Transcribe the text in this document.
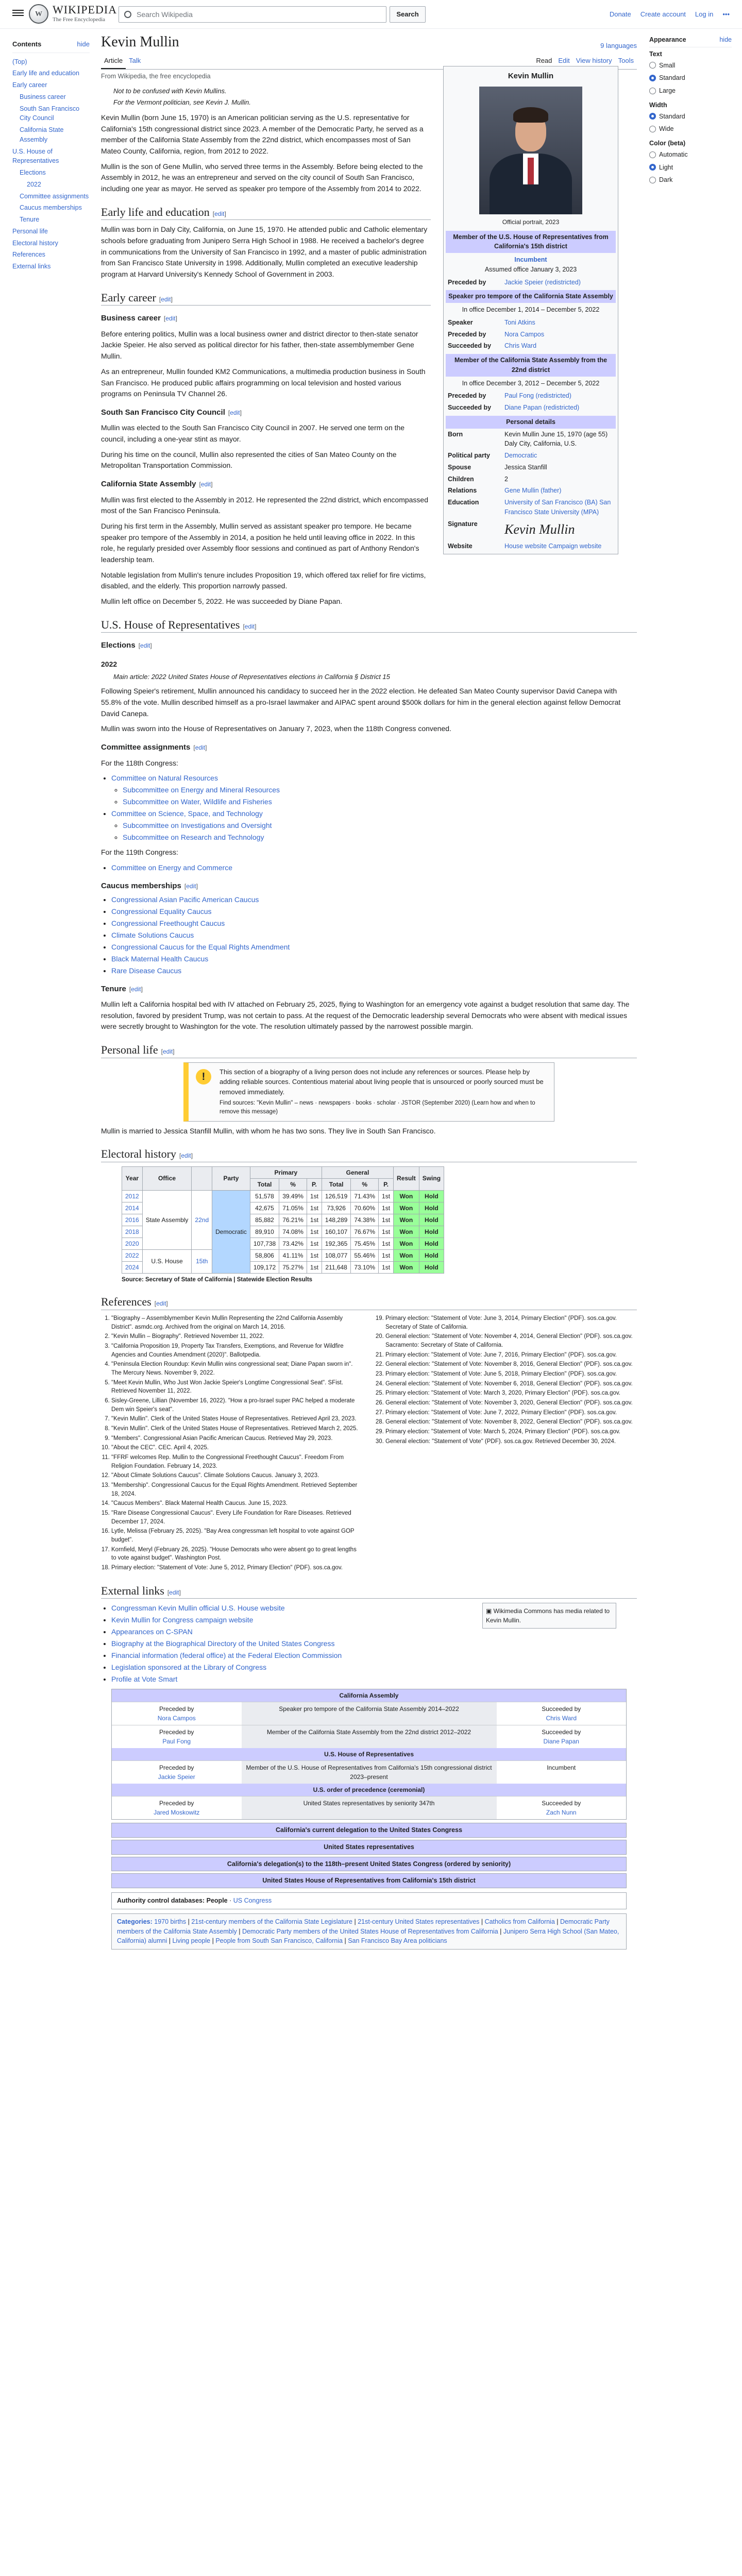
W WIKIPEDIA
The Free Encyclopedia
Search Wikipedia	Search	Donate Create account Log in •••
Contents	hide
(Top)
Early life and education
Early career
Business career
South San Francisco City Council
California State Assembly
U.S. House of Representatives
Elections
2022
Committee assignments
Caucus memberships
Tenure
Personal life
Electoral history
References
External links
Appearance	hide
Text
Small
Standard
Large
Width
Standard
Wide
Color (beta)
Automatic
Light
Dark
Kevin Mullin	9 languages
Article Talk	Read Edit View history Tools
From Wikipedia, the free encyclopedia
Not to be confused with Kevin Mullins.
For the Vermont politician, see Kevin J. Mullin.

Kevin Mullin (born June 15, 1970) is an American politician serving as the U.S. representative for California's 15th congressional district since 2023. A member of the Democratic Party, he served as a member of the California State Assembly from the 22nd district, which encompasses most of San Mateo County, California, region, from 2012 to 2022.

Mullin is the son of Gene Mullin, who served three terms in the Assembly. Before being elected to the Assembly in 2012, he was an entrepreneur and served on the city council of South San Francisco, including one year as mayor. He served as speaker pro tempore of the Assembly from 2014 to 2022.

Early life and education [edit]

Mullin was born in Daly City, California, on June 15, 1970. He attended public and Catholic elementary schools before graduating from Junipero Serra High School in 1988. He received a bachelor's degree in communications from the University of San Francisco in 1992, and a master of public administration from San Francisco State University in 1998. Additionally, Mullin completed an executive leadership program at Harvard University's Kennedy School of Government in 2003.

Early career [edit]
Business career [edit]

Before entering politics, Mullin was a local business owner and district director to then-state senator Jackie Speier. He also served as political director for his father, then-state assemblymember Gene Mullin.

As an entrepreneur, Mullin founded KM2 Communications, a multimedia production business in South San Francisco. He produced public affairs programming on local television and hosted various programs on Peninsula TV Channel 26.

South San Francisco City Council [edit]

Mullin was elected to the South San Francisco City Council in 2007. He served one term on the council, including a one-year stint as mayor.

During his time on the council, Mullin also represented the cities of San Mateo County on the Metropolitan Transportation Commission.

California State Assembly [edit]

Mullin was first elected to the Assembly in 2012. He represented the 22nd district, which encompassed most of the San Francisco Peninsula.

During his first term in the Assembly, Mullin served as assistant speaker pro tempore. He became speaker pro tempore of the Assembly in 2014, a position he held until leaving office in 2022. In this role, he regularly presided over Assembly floor sessions and continued as part of Anthony Rendon's leadership team.

Notable legislation from Mullin's tenure includes Proposition 19, which offered tax relief for fire victims, disabled, and the elderly. This proportion narrowly passed.

Mullin left office on December 5, 2022. He was succeeded by Diane Papan.

U.S. House of Representatives [edit]
Elections [edit]
2022
Main article: 2022 United States House of Representatives elections in California § District 15

Following Speier's retirement, Mullin announced his candidacy to succeed her in the 2022 election. He defeated San Mateo County supervisor David Canepa with 55.8% of the vote. Mullin described himself as a pro-Israel lawmaker and AIPAC spent around $500k dollars for him in the general election against fellow Democrat David Canepa.

Mullin was sworn into the House of Representatives on January 7, 2023, when the 118th Congress convened.

Committee assignments [edit]

For the 118th Congress:

• Committee on Natural Resources
◦ Subcommittee on Energy and Mineral Resources
◦ Subcommittee on Water, Wildlife and Fisheries
• Committee on Science, Space, and Technology
◦ Subcommittee on Investigations and Oversight
◦ Subcommittee on Research and Technology

For the 119th Congress:

• Committee on Energy and Commerce
Caucus memberships [edit]
• Congressional Asian Pacific American Caucus
• Congressional Equality Caucus
• Congressional Freethought Caucus
• Climate Solutions Caucus
• Congressional Caucus for the Equal Rights Amendment
• Black Maternal Health Caucus
• Rare Disease Caucus
Tenure [edit]

Mullin left a California hospital bed with IV attached on February 25, 2025, flying to Washington for an emergency vote against a budget resolution that same day. The resolution, favored by president Trump, was not certain to pass. At the request of the Democratic leadership several Democrats who were absent with medical issues were secretly brought to Washington for the vote. The resolution ultimately passed by the narrowest possible margin.

Personal life [edit]
!	This section of a biography of a living person does not include any references or sources. Please help by adding reliable sources. Contentious material about living people that is unsourced or poorly sourced must be removed immediately.
Find sources: "Kevin Mullin" – news · newspapers · books · scholar · JSTOR (September 2020) (Learn how and when to remove this message)

Mullin is married to Jessica Stanfill Mullin, with whom he has two sons. They live in South San Francisco.

Electoral history [edit]
Year	Office		Party	Primary			General			Result	Swing
				Total	%	P.	Total	%	P.		
2012	State Assembly	22nd	Democratic	51,578	39.49%	1st	126,519	71.43%	1st	Won	Hold
2014				42,675	71.05%	1st	73,926	70.60%	1st	Won	Hold
2016				85,882	76.21%	1st	148,289	74.38%	1st	Won	Hold
2018				89,910	74.08%	1st	160,107	76.67%	1st	Won	Hold
2020				107,738	73.42%	1st	192,365	75.45%	1st	Won	Hold
2022	U.S. House	15th		58,806	41.11%	1st	108,077	55.46%	1st	Won	Hold
2024				109,172	75.27%	1st	211,648	73.10%	1st	Won	Hold
Source: Secretary of State of California | Statewide Election Results
References [edit]
1. "Biography – Assemblymember Kevin Mullin Representing the 22nd California Assembly District". asmdc.org. Archived from the original on March 14, 2016.
2. "Kevin Mullin – Biography". Retrieved November 11, 2022.
3. "California Proposition 19, Property Tax Transfers, Exemptions, and Revenue for Wildfire Agencies and Counties Amendment (2020)". Ballotpedia.
4. "Peninsula Election Roundup: Kevin Mullin wins congressional seat; Diane Papan sworn in". The Mercury News. November 9, 2022.
5. "Meet Kevin Mullin, Who Just Won Jackie Speier's Longtime Congressional Seat". SFist. Retrieved November 11, 2022.
6. Sisley-Greene, Lillian (November 16, 2022). "How a pro-Israel super PAC helped a moderate Dem win Speier's seat".
7. "Kevin Mullin". Clerk of the United States House of Representatives. Retrieved April 23, 2023.
8. "Kevin Mullin". Clerk of the United States House of Representatives. Retrieved March 2, 2025.
9. "Members". Congressional Asian Pacific American Caucus. Retrieved May 29, 2023.
10. "About the CEC". CEC. April 4, 2025.
11. "FFRF welcomes Rep. Mullin to the Congressional Freethought Caucus". Freedom From Religion Foundation. February 14, 2023.
12. "About Climate Solutions Caucus". Climate Solutions Caucus. January 3, 2023.
13. "Membership". Congressional Caucus for the Equal Rights Amendment. Retrieved September 18, 2024.
14. "Caucus Members". Black Maternal Health Caucus. June 15, 2023.
15. "Rare Disease Congressional Caucus". Every Life Foundation for Rare Diseases. Retrieved December 17, 2024.
16. Lytle, Melissa (February 25, 2025). "Bay Area congressman left hospital to vote against GOP budget".
17. Kornfield, Meryl (February 26, 2025). "House Democrats who were absent go to great lengths to vote against budget". Washington Post.
18. Primary election: "Statement of Vote: June 5, 2012, Primary Election" (PDF). sos.ca.gov.
19. Primary election: "Statement of Vote: June 3, 2014, Primary Election" (PDF). sos.ca.gov. Secretary of State of California.
20. General election: "Statement of Vote: November 4, 2014, General Election" (PDF). sos.ca.gov. Sacramento: Secretary of State of California.
21. Primary election: "Statement of Vote: June 7, 2016, Primary Election" (PDF). sos.ca.gov.
22. General election: "Statement of Vote: November 8, 2016, General Election" (PDF). sos.ca.gov.
23. Primary election: "Statement of Vote: June 5, 2018, Primary Election" (PDF). sos.ca.gov.
24. General election: "Statement of Vote: November 6, 2018, General Election" (PDF). sos.ca.gov.
25. Primary election: "Statement of Vote: March 3, 2020, Primary Election" (PDF). sos.ca.gov.
26. General election: "Statement of Vote: November 3, 2020, General Election" (PDF). sos.ca.gov.
27. Primary election: "Statement of Vote: June 7, 2022, Primary Election" (PDF). sos.ca.gov.
28. General election: "Statement of Vote: November 8, 2022, General Election" (PDF). sos.ca.gov.
29. Primary election: "Statement of Vote: March 5, 2024, Primary Election" (PDF). sos.ca.gov.
30. General election: "Statement of Vote" (PDF). sos.ca.gov. Retrieved December 30, 2024.
External links [edit]
▣ Wikimedia Commons has media related to Kevin Mullin.
• Congressman Kevin Mullin official U.S. House website
• Kevin Mullin for Congress campaign website
• Appearances on C-SPAN
• Biography at the Biographical Directory of the United States Congress
• Financial information (federal office) at the Federal Election Commission
• Legislation sponsored at the Library of Congress
• Profile at Vote Smart
California Assembly
Preceded by
Nora Campos
Speaker pro tempore of the California State Assembly 2014–2022	Succeeded by
Chris Ward
Preceded by
Paul Fong
Member of the California State Assembly from the 22nd district 2012–2022	Succeeded by
Diane Papan
U.S. House of Representatives
Preceded by
Jackie Speier
Member of the U.S. House of Representatives from California's 15th congressional district 2023–present
Incumbent
U.S. order of precedence (ceremonial)
Preceded by
Jared Moskowitz
United States representatives by seniority 347th	Succeeded by
Zach Nunn
California's current delegation to the United States Congress
United States representatives
California's delegation(s) to the 118th–present United States Congress (ordered by seniority)
United States House of Representatives from California's 15th district
Authority control databases: People · US Congress
Categories: 1970 births | 21st-century members of the California State Legislature | 21st-century United States representatives | Catholics from California | Democratic Party members of the California State Assembly | Democratic Party members of the United States House of Representatives from California | Junipero Serra High School (San Mateo, California) alumni | Living people | People from South San Francisco, California | San Francisco Bay Area politicians
Kevin Mullin
Official portrait, 2023
Member of the U.S. House of Representatives from California's 15th district
Incumbent
Assumed office January 3, 2023
Preceded by	Jackie Speier (redistricted)
Speaker pro tempore of the California State Assembly
In office December 1, 2014 – December 5, 2022
Speaker	Toni Atkins
Preceded by	Nora Campos
Succeeded by	Chris Ward
Member of the California State Assembly from the 22nd district
In office December 3, 2012 – December 5, 2022
Preceded by	Paul Fong (redistricted)
Succeeded by	Diane Papan (redistricted)
Personal details
Born	Kevin Mullin June 15, 1970 (age 55) Daly City, California, U.S.
Political party	Democratic
Spouse	Jessica Stanfill
Children	2
Relations	Gene Mullin (father)
Education	University of San Francisco (BA) San Francisco State University (MPA)
Signature	Kevin Mullin
Website	House website Campaign website
